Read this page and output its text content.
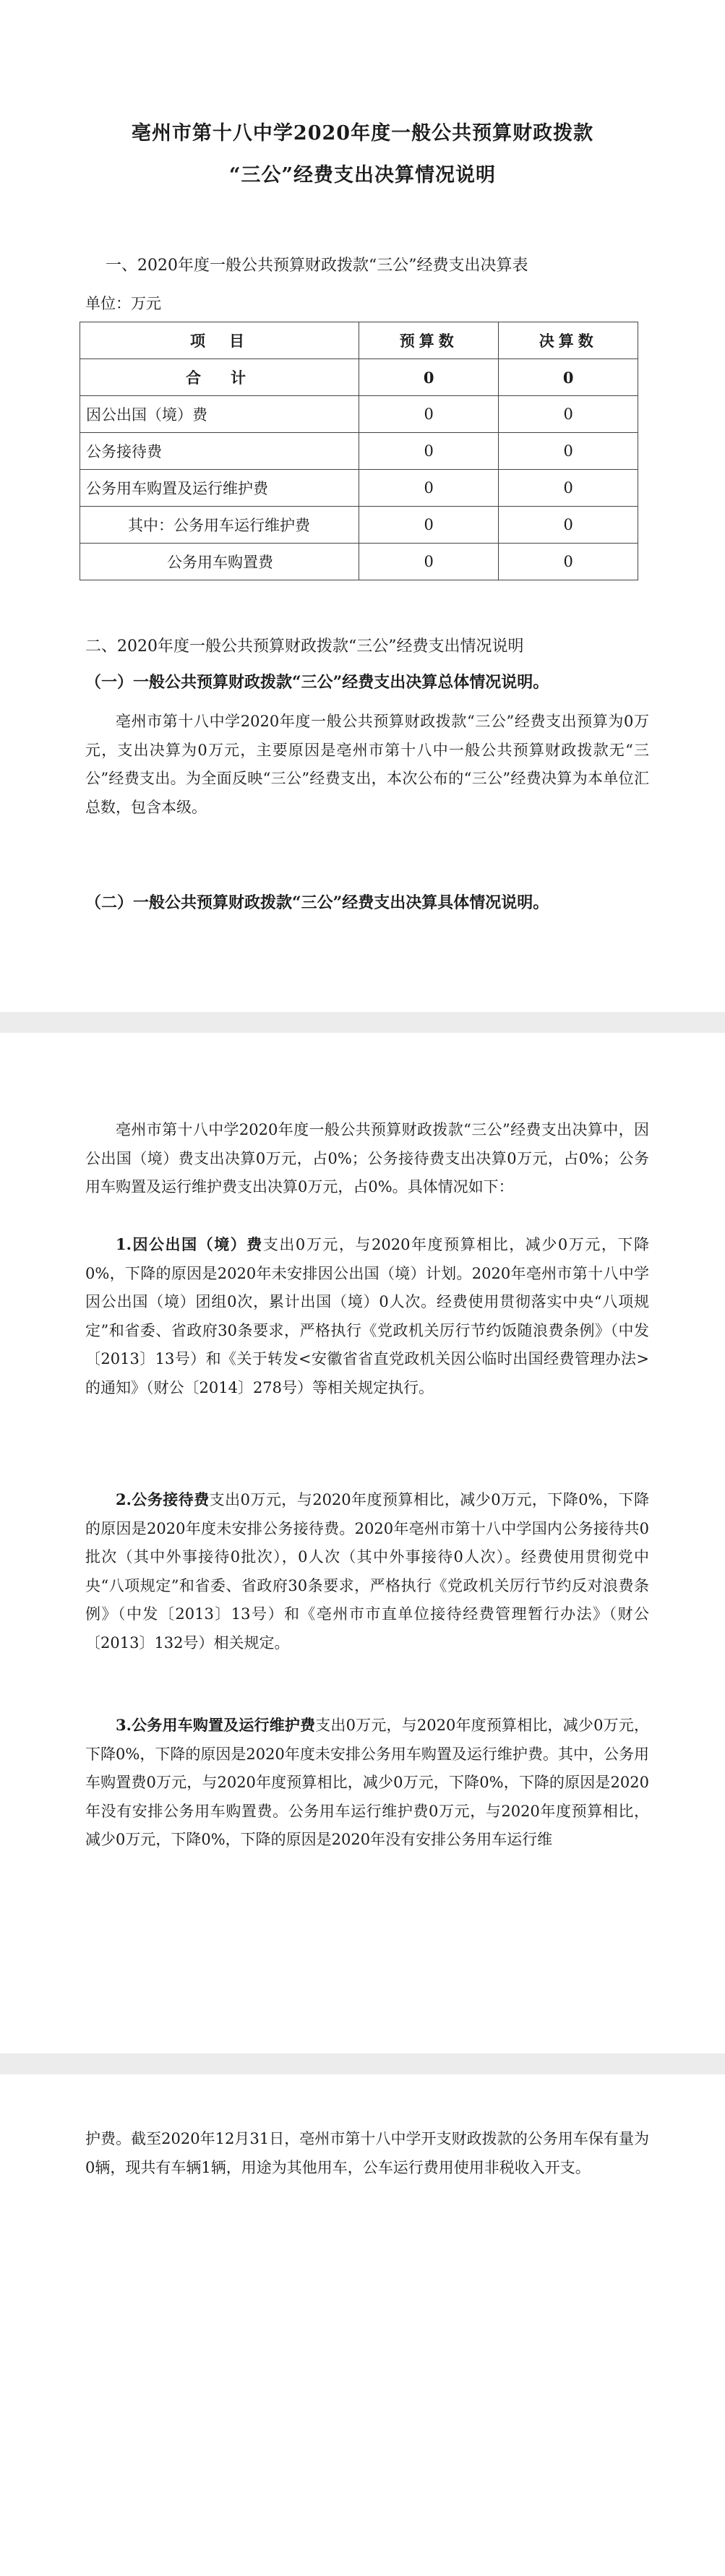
亳州市第十八中学2020年度一般公共预算财政拨款
“三公”经费支出决算情况说明
一、2020年度一般公共预算财政拨款“三公”经费支出决算表
单位：万元
项　目	预算数	决算数
合　计	0	0
因公出国（境）费	0	0
公务接待费	0	0
公务用车购置及运行维护费	0	0
其中：公务用车运行维护费	0	0
公务用车购置费	0	0
二、2020年度一般公共预算财政拨款“三公”经费支出情况说明
（一）一般公共预算财政拨款“三公”经费支出决算总体情况说明。

亳州市第十八中学2020年度一般公共预算财政拨款“三公”经费支出预算为0万元，支出决算为0万元，主要原因是亳州市第十八中一般公共预算财政拨款无“三公”经费支出。为全面反映“三公”经费支出，本次公布的“三公”经费决算为本单位汇总数，包含本级。

（二）一般公共预算财政拨款“三公”经费支出决算具体情况说明。

亳州市第十八中学2020年度一般公共预算财政拨款“三公”经费支出决算中，因公出国（境）费支出决算0万元，占0%；公务接待费支出决算0万元，占0%；公务用车购置及运行维护费支出决算0万元，占0%。具体情况如下：

1.因公出国（境）费支出0万元，与2020年度预算相比，减少0万元，下降0%，下降的原因是2020年未安排因公出国（境）计划。2020年亳州市第十八中学因公出国（境）团组0次，累计出国（境）0人次。经费使用贯彻落实中央“八项规定”和省委、省政府30条要求，严格执行《党政机关厉行节约饭随浪费条例》（中发〔2013〕13号）和《关于转发<安徽省省直党政机关因公临时出国经费管理办法>的通知》（财公〔2014〕278号）等相关规定执行。

2.公务接待费支出0万元，与2020年度预算相比，减少0万元，下降0%，下降的原因是2020年度未安排公务接待费。2020年亳州市第十八中学国内公务接待共0批次（其中外事接待0批次），0人次（其中外事接待0人次）。经费使用贯彻党中央“八项规定”和省委、省政府30条要求，严格执行《党政机关厉行节约反对浪费条例》（中发〔2013〕13号）和《亳州市市直单位接待经费管理暂行办法》（财公〔2013〕132号）相关规定。

3.公务用车购置及运行维护费支出0万元，与2020年度预算相比，减少0万元，下降0%，下降的原因是2020年度未安排公务用车购置及运行维护费。其中，公务用车购置费0万元，与2020年度预算相比，减少0万元，下降0%，下降的原因是2020年没有安排公务用车购置费。公务用车运行维护费0万元，与2020年度预算相比，减少0万元，下降0%，下降的原因是2020年没有安排公务用车运行维

护费。截至2020年12月31日，亳州市第十八中学开支财政拨款的公务用车保有量为0辆，现共有车辆1辆，用途为其他用车，公车运行费用使用非税收入开支。
